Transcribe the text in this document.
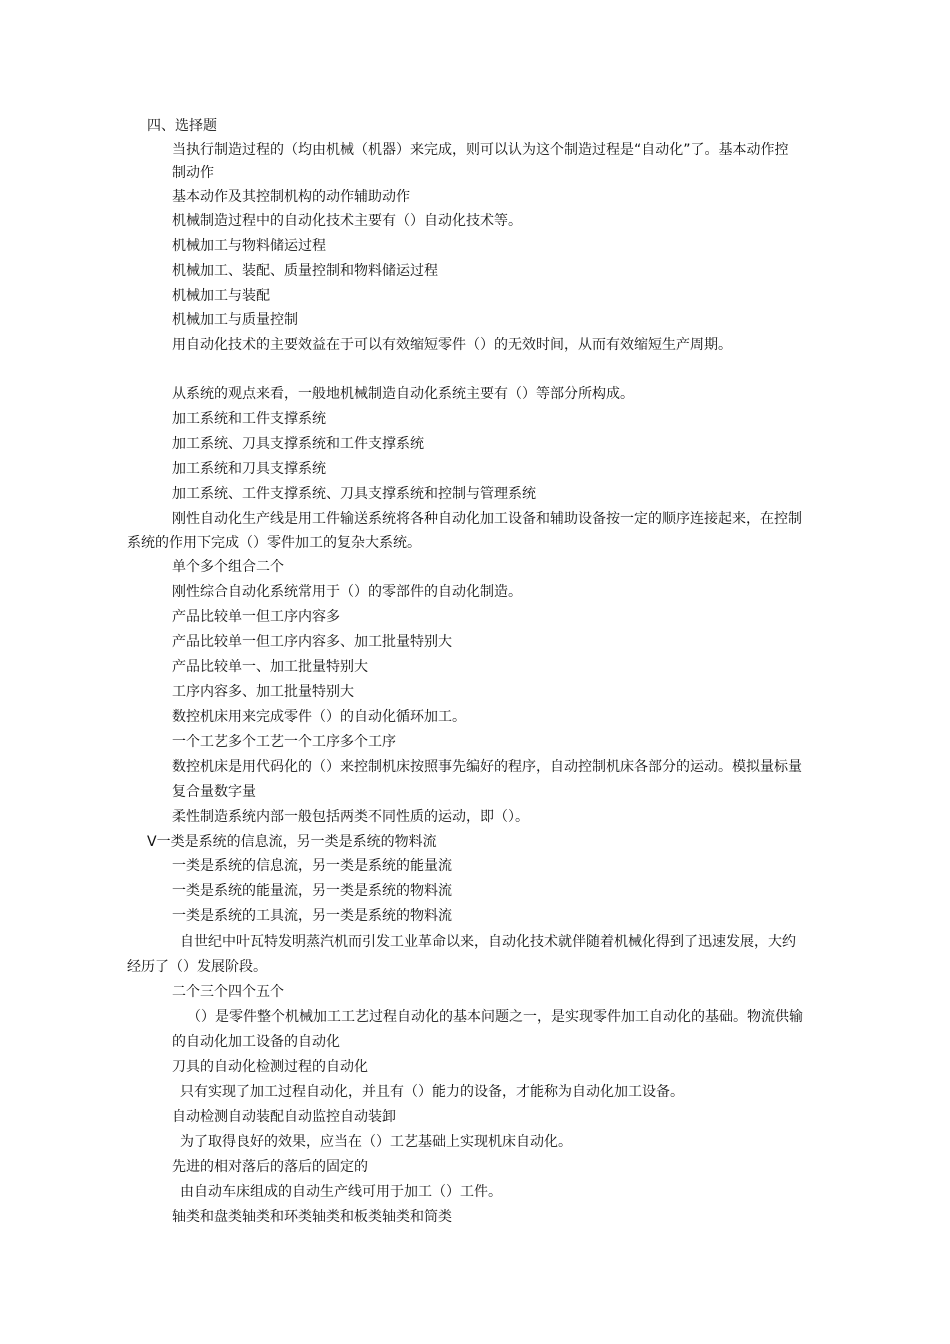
四、选择题
当执行制造过程的（均由机械（机器）来完成，则可以认为这个制造过程是“自动化”了。基本动作控
制动作
基本动作及其控制机构的动作辅助动作
机械制造过程中的自动化技术主要有（）自动化技术等。
机械加工与物料储运过程
机械加工、装配、质量控制和物料储运过程
机械加工与装配
机械加工与质量控制
用自动化技术的主要效益在于可以有效缩短零件（）的无效时间，从而有效缩短生产周期。
从系统的观点来看，一般地机械制造自动化系统主要有（）等部分所构成。
加工系统和工件支撑系统
加工系统、刀具支撑系统和工件支撑系统
加工系统和刀具支撑系统
加工系统、工件支撑系统、刀具支撑系统和控制与管理系统
刚性自动化生产线是用工件输送系统将各种自动化加工设备和辅助设备按一定的顺序连接起来，在控制
系统的作用下完成（）零件加工的复杂大系统。
单个多个组合二个
刚性综合自动化系统常用于（）的零部件的自动化制造。
产品比较单一但工序内容多
产品比较单一但工序内容多、加工批量特别大
产品比较单一、加工批量特别大
工序内容多、加工批量特别大
数控机床用来完成零件（）的自动化循环加工。
一个工艺多个工艺一个工序多个工序
数控机床是用代码化的（）来控制机床按照事先编好的程序，自动控制机床各部分的运动。模拟量标量
复合量数字量
柔性制造系统内部一般包括两类不同性质的运动，即（）。
V一类是系统的信息流，另一类是系统的物料流
一类是系统的信息流，另一类是系统的能量流
一类是系统的能量流，另一类是系统的物料流
一类是系统的工具流，另一类是系统的物料流
自世纪中叶瓦特发明蒸汽机而引发工业革命以来，自动化技术就伴随着机械化得到了迅速发展，大约
经历了（）发展阶段。
二个三个四个五个
（）是零件整个机械加工工艺过程自动化的基本问题之一，是实现零件加工自动化的基础。物流供输
的自动化加工设备的自动化
刀具的自动化检测过程的自动化
只有实现了加工过程自动化，并且有（）能力的设备，才能称为自动化加工设备。
自动检测自动装配自动监控自动装卸
为了取得良好的效果，应当在（）工艺基础上实现机床自动化。
先进的相对落后的落后的固定的
由自动车床组成的自动生产线可用于加工（）工件。
轴类和盘类轴类和环类轴类和板类轴类和筒类
